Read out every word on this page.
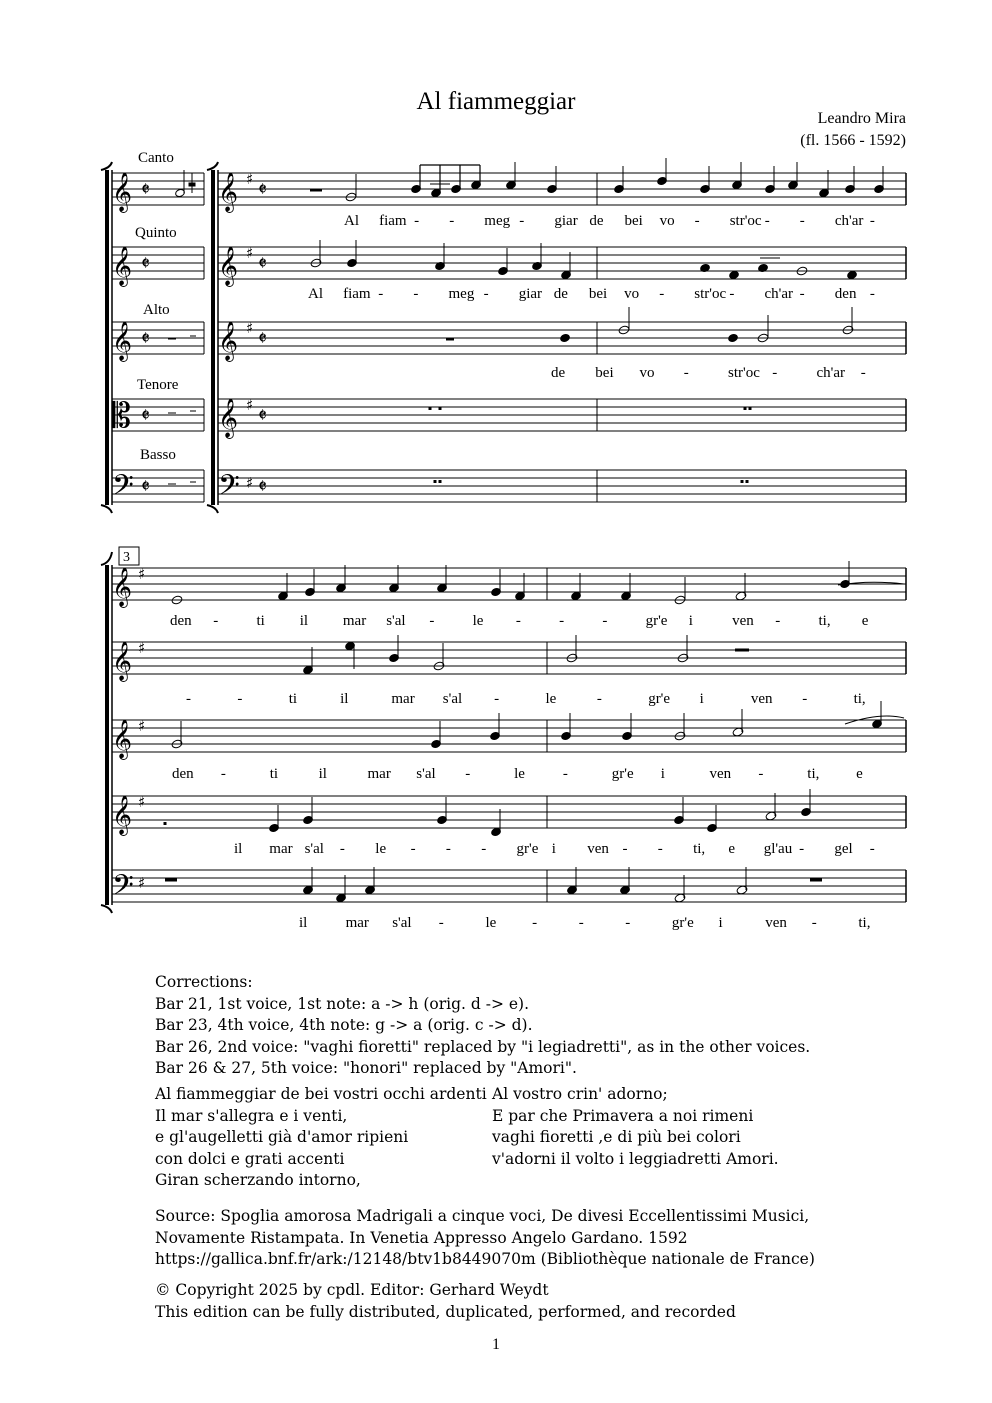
Al fiammeggiar
Leandro Mira
(fl. 1566 - 1592)
𝄞
𝄞
𝄞
𝄡
𝄢
𝄞
𝄞
𝄞
𝄞
𝄢
𝄞
𝄞
𝄞
𝄞
𝄢
♯
♯
♯
♯
♯
♯
♯
♯
♯
♯
𝄵
𝄵
𝄵
𝄵
𝄵
𝄵
𝄵
𝄵
𝄵
𝄵
Canto
Quinto
Alto
Tenore
Basso
3
Al fiam - - meg - giar de bei vo - str'oc - - ch'ar -
Al fiam - - meg - giar de bei vo - str'oc - ch'ar - den -
de bei vo -	str'oc -	ch'ar -
den -	ti il mar s'al -	le -	-	-	gr'e i	ven -	ti, e
-	-	ti	il	mar s'al -	le	-	gr'e i	ven -	ti,
den -	ti	il	mar s'al -	le	-	gr'e i	ven -	ti, e
il mar s'al - le - - - gr'e i ven - - ti, e gl'au - gel -
il	mar s'al -	le -	-	-	gr'e i	ven -	ti,
Corrections:
Bar 21, 1st voice, 1st note: a -> h (orig. d -> e).
Bar 23, 4th voice, 4th note: g -> a (orig. c -> d).
Bar 26, 2nd voice: "vaghi fioretti" replaced by "i legiadretti", as in the other voices.
Bar 26 & 27, 5th voice: "honori" replaced by "Amori".
Al fiammeggiar de bei vostri occhi ardenti
Il mar s'allegra e i venti,
e gl'augelletti già d'amor ripieni
con dolci e grati accenti
Giran scherzando intorno,
Al vostro crin' adorno;
E par che Primavera a noi rimeni
vaghi fioretti ,e di più bei colori
v'adorni il volto i leggiadretti Amori.
Source: Spoglia amorosa Madrigali a cinque voci, De divesi Eccellentissimi Musici,
Novamente Ristampata. In Venetia Appresso Angelo Gardano. 1592
https://gallica.bnf.fr/ark:/12148/btv1b8449070m (Bibliothèque nationale de France)
© Copyright 2025 by cpdl. Editor: Gerhard Weydt
This edition can be fully distributed, duplicated, performed, and recorded
1
